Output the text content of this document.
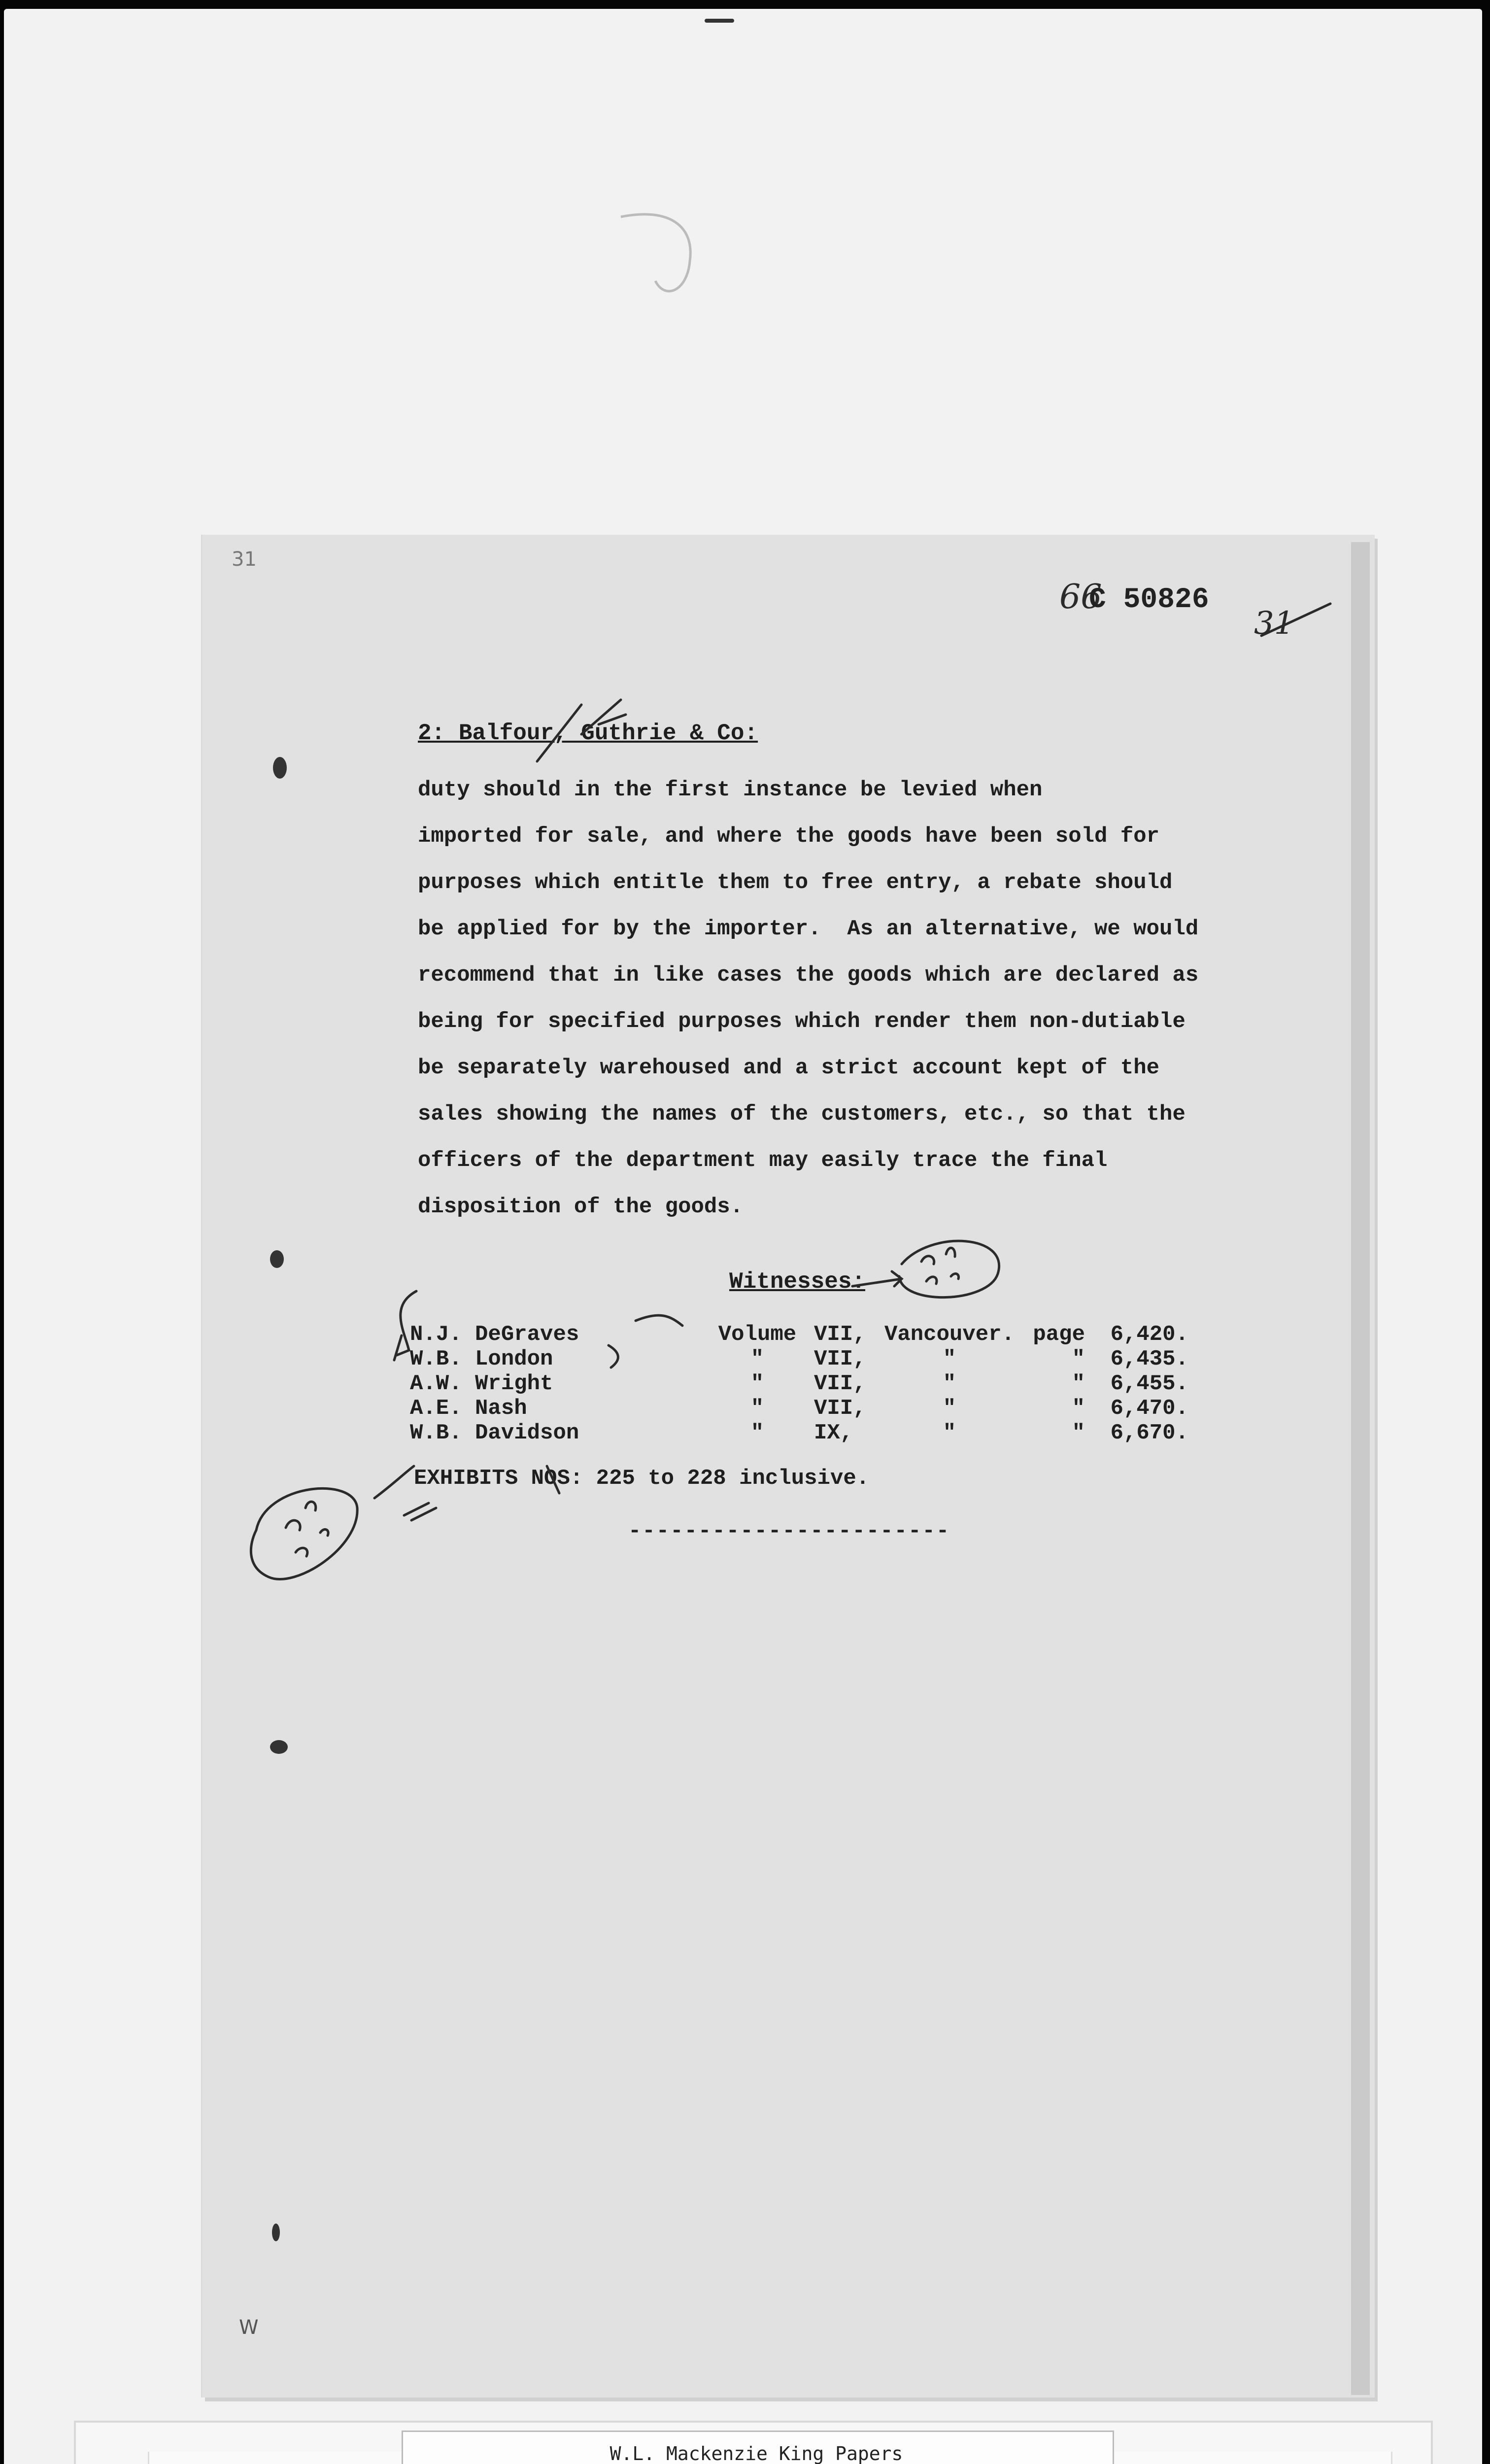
31
66
C 50826
31
2: Balfour, Guthrie & Co:
duty should in the first instance be levied when
imported for sale, and where the goods have been sold for
purposes which entitle them to free entry, a rebate should
be applied for by the importer.  As an alternative, we would
recommend that in like cases the goods which are declared as
being for specified purposes which render them non-dutiable
be separately warehoused and a strict account kept of the
sales showing the names of the customers, etc., so that the
officers of the department may easily trace the final
disposition of the goods.
Witnesses:
N.J. DeGraves	Volume	VII,	Vancouver.	page	6,420.
W.B. London	"	VII,	"	"	6,435.
A.W. Wright	"	VII,	"	"	6,455.
A.E. Nash	"	VII,	"	"	6,470.
W.B. Davidson	"	IX,	"	"	6,670.
EXHIBITS NOS: 225 to 228 inclusive.
-----------------------
W
W.L. Mackenzie King Papers
